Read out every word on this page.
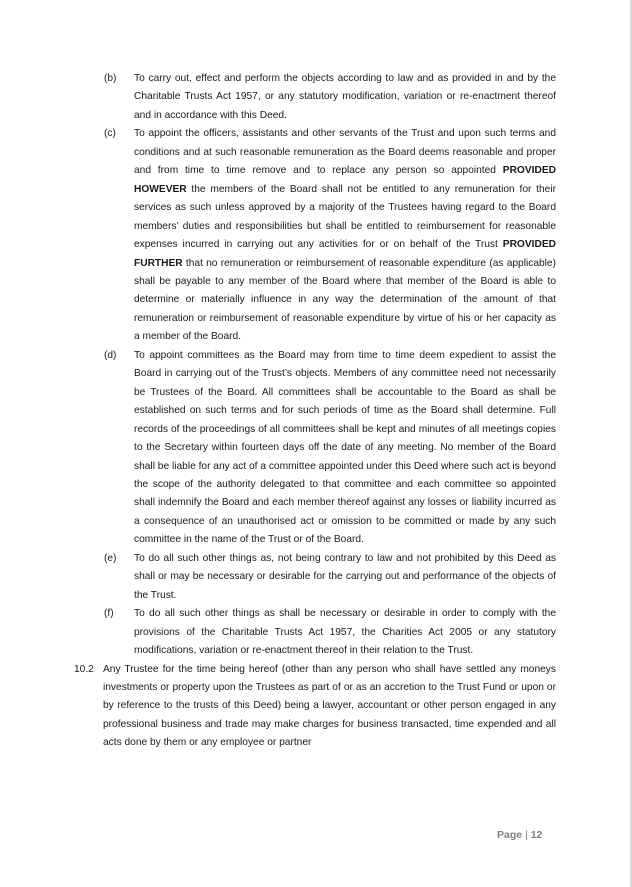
(b)	To carry out, effect and perform the objects according to law and as provided in and by the Charitable Trusts Act 1957, or any statutory modification, variation or re-enactment thereof and in accordance with this Deed.
(c)	To appoint the officers, assistants and other servants of the Trust and upon such terms and conditions and at such reasonable remuneration as the Board deems reasonable and proper and from time to time remove and to replace any person so appointed PROVIDED HOWEVER the members of the Board shall not be entitled to any remuneration for their services as such unless approved by a majority of the Trustees having regard to the Board members’ duties and responsibilities but shall be entitled to reimbursement for reasonable expenses incurred in carrying out any activities for or on behalf of the Trust PROVIDED FURTHER that no remuneration or reimbursement of reasonable expenditure (as applicable) shall be payable to any member of the Board where that member of the Board is able to determine or materially influence in any way the determination of the amount of that remuneration or reimbursement of reasonable expenditure by virtue of his or her capacity as a member of the Board.
(d)	To appoint committees as the Board may from time to time deem expedient to assist the Board in carrying out of the Trust’s objects. Members of any committee need not necessarily be Trustees of the Board. All committees shall be accountable to the Board as shall be established on such terms and for such periods of time as the Board shall determine. Full records of the proceedings of all committees shall be kept and minutes of all meetings copies to the Secretary within fourteen days off the date of any meeting. No member of the Board shall be liable for any act of a committee appointed under this Deed where such act is beyond the scope of the authority delegated to that committee and each committee so appointed shall indemnify the Board and each member thereof against any losses or liability incurred as a consequence of an unauthorised act or omission to be committed or made by any such committee in the name of the Trust or of the Board.
(e)	To do all such other things as, not being contrary to law and not prohibited by this Deed as shall or may be necessary or desirable for the carrying out and performance of the objects of the Trust.
(f)	To do all such other things as shall be necessary or desirable in order to comply with the provisions of the Charitable Trusts Act 1957, the Charities Act 2005 or any statutory modifications, variation or re-enactment thereof in their relation to the Trust.
10.2 Any Trustee for the time being hereof (other than any person who shall have settled any moneys investments or property upon the Trustees as part of or as an accretion to the Trust Fund or upon or by reference to the trusts of this Deed) being a lawyer, accountant or other person engaged in any professional business and trade may make charges for business transacted, time expended and all acts done by them or any employee or partner
Page | 12
